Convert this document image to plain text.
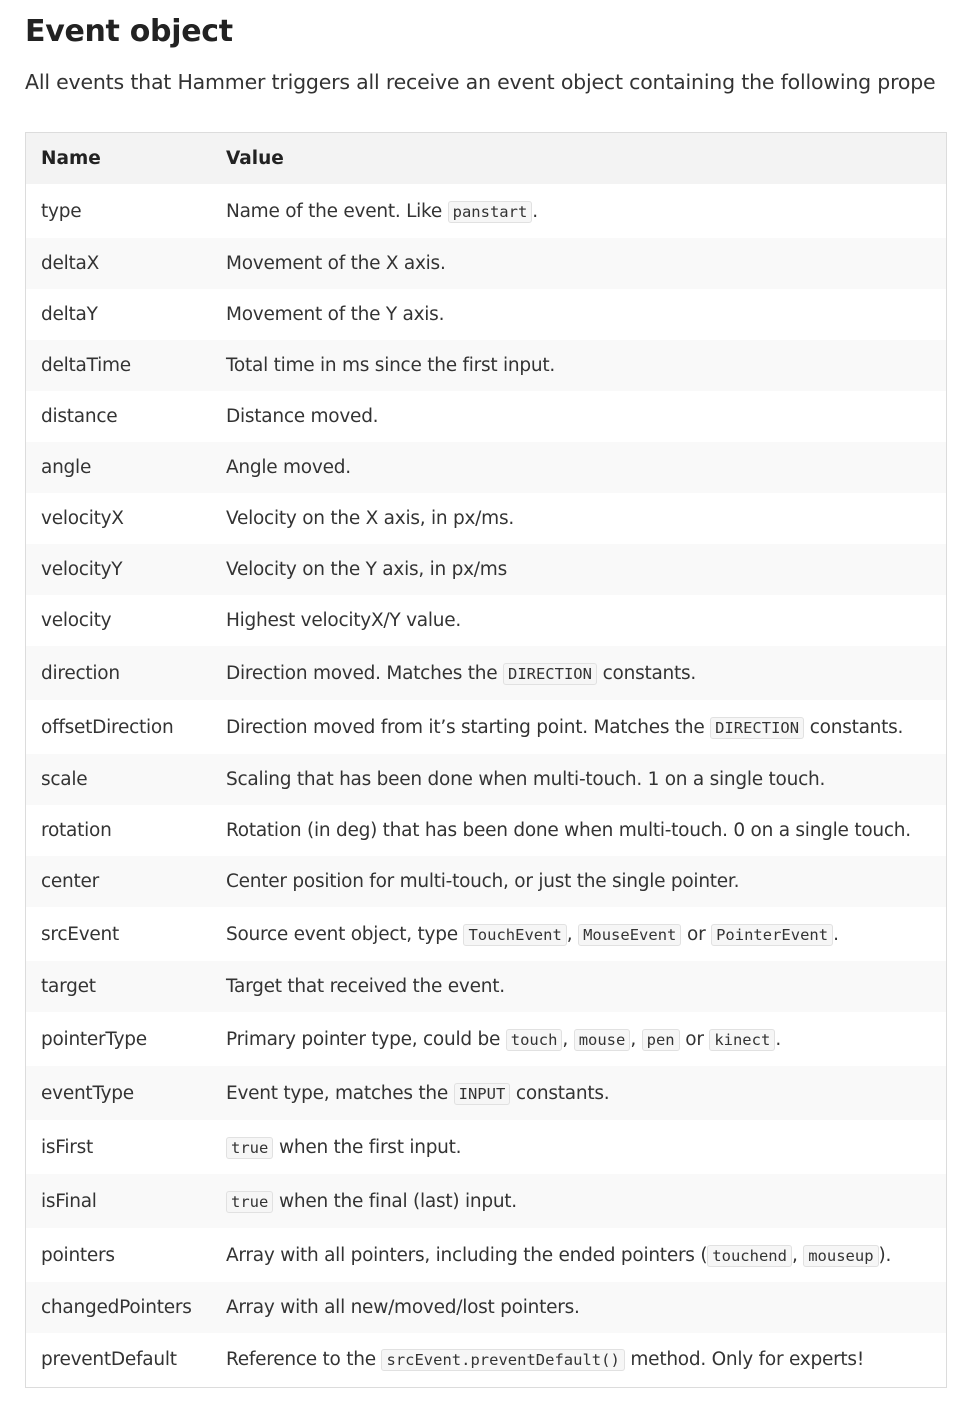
Event object

All events that Hammer triggers all receive an event object containing the following prope

Name	Value
type	Name of the event. Like panstart .
deltaX	Movement of the X axis.
deltaY	Movement of the Y axis.
deltaTime	Total time in ms since the first input.
distance	Distance moved.
angle	Angle moved.
velocityX	Velocity on the X axis, in px/ms.
velocityY	Velocity on the Y axis, in px/ms
velocity	Highest velocityX/Y value.
direction	Direction moved. Matches the DIRECTION constants.
offsetDirection	Direction moved from it’s starting point. Matches the DIRECTION constants.
scale	Scaling that has been done when multi-touch. 1 on a single touch.
rotation	Rotation (in deg) that has been done when multi-touch. 0 on a single touch.
center	Center position for multi-touch, or just the single pointer.
srcEvent	Source event object, type TouchEvent , MouseEvent or PointerEvent .
target	Target that received the event.
pointerType	Primary pointer type, could be touch , mouse , pen or kinect .
eventType	Event type, matches the INPUT constants.
isFirst	true when the first input.
isFinal	true when the final (last) input.
pointers	Array with all pointers, including the ended pointers ( touchend , mouseup ).
changedPointers	Array with all new/moved/lost pointers.
preventDefault	Reference to the srcEvent.preventDefault() method. Only for experts!
